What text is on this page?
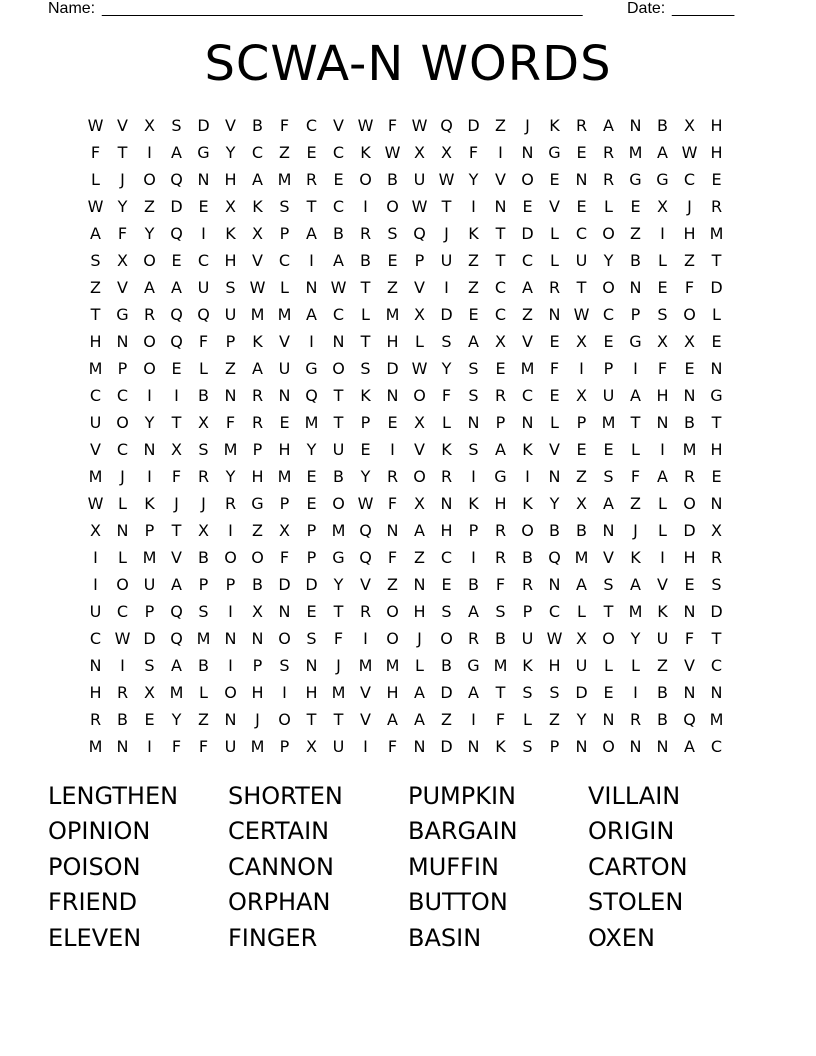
Name: ______________________________________________________	Date: _______
SCWA-N WORDS
W V	X	S D V	B	F	C V W F W Q D Z	J	K	R A N B	X H
F	T	I	A G Y	C Z	E	C	K W X	X	F	I	N G E	R M A W H
L	J	O Q N H A M R	E O B U W Y	V O E N R G G C	E
W Y	Z D E	X	K	S	T	C	I	O W T	I	N E	V	E	L	E	X	J	R
A	F	Y Q	I	K	X	P	A	B R	S Q	J	K	T D	L	C O Z	I	H M
S	X O E	C H V C	I	A	B	E	P	U Z	T	C	L	U	Y	B	L	Z	T
Z	V	A	A U	S W L	N W T	Z	V	I	Z C A R	T O N E	F	D
T G R Q Q U M M A C	L M X D E	C Z N W C	P	S O	L
H N O Q	F	P	K	V	I	N	T	H	L	S	A	X	V	E	X	E G X	X	E
M P O E	L	Z	A U G O S D W Y	S	E M F	I	P	I	F	E N
C C	I	I	B N R N Q T	K N O	F	S	R C	E	X U A H N G
U O Y	T	X	F	R	E M T	P	E	X	L	N	P	N	L	P M T	N B	T
V C N X	S M P	H	Y	U	E	I	V	K	S	A	K	V	E	E	L	I	M H
M	J	I	F	R	Y	H M E	B	Y	R O R	I	G	I	N Z	S	F	A R	E
W L	K	J	J	R G P	E O W F	X N K H K	Y	X	A	Z	L	O N
X N	P	T	X	I	Z	X	P M Q N A H	P	R O B	B N	J	L	D X
I	L M V	B O O	F	P G Q	F	Z C	I	R B Q M V	K	I	H R
I	O U A	P	P	B D D Y	V	Z N E	B	F	R N A	S	A	V	E	S
U C	P Q S	I	X N E	T	R O H S	A	S	P	C	L	T M K N D
C W D Q M N N O S	F	I	O	J	O R B U W X O Y	U	F	T
N	I	S	A	B	I	P	S N	J	M M L	B G M K H U	L	L	Z	V C
H R X M L	O H	I	H M V H A D A	T	S	S D E	I	B N N
R B	E	Y	Z N	J	O T	T	V	A	A	Z	I	F	L	Z	Y	N R B Q M
M N	I	F	F	U M P	X U	I	F	N D N K	S	P	N O N N A C
LENGTHEN	SHORTEN	PUMPKIN	VILLAIN
OPINION	CERTAIN	BARGAIN	ORIGIN
POISON	CANNON	MUFFIN	CARTON
FRIEND	ORPHAN	BUTTON	STOLEN
ELEVEN	FINGER	BASIN	OXEN
